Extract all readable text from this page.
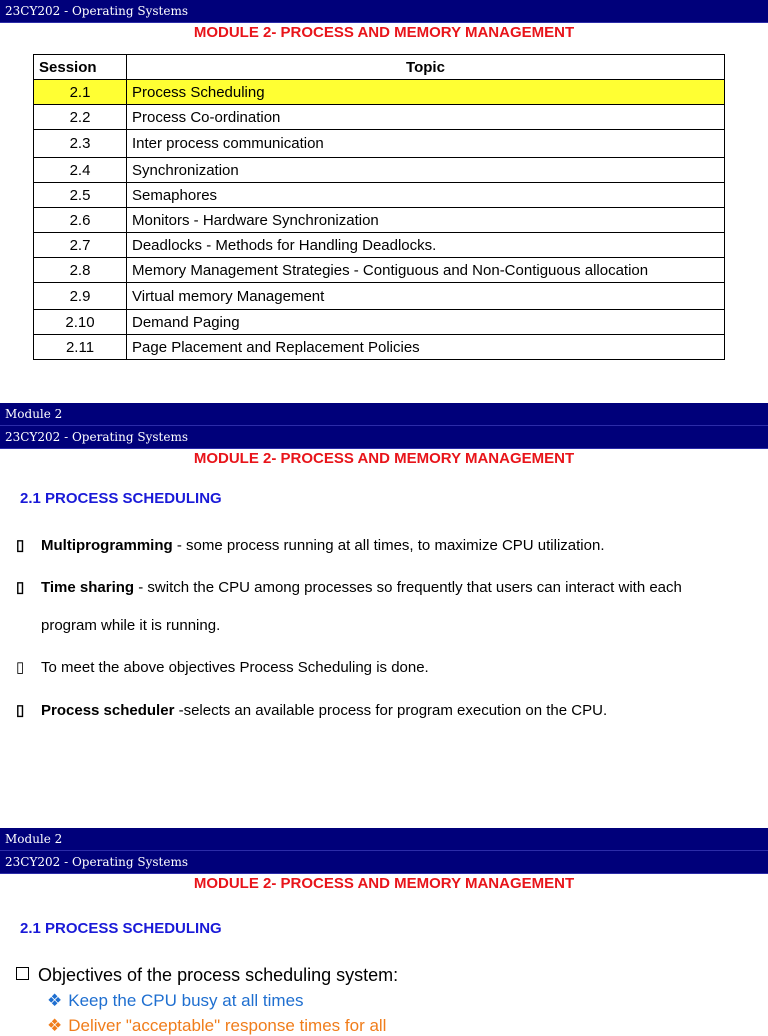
23CY202 - Operating Systems
MODULE 2- PROCESS AND MEMORY MANAGEMENT
Session	Topic
2.1	Process Scheduling
2.2	Process Co-ordination
2.3	Inter process communication
2.4	Synchronization
2.5	Semaphores
2.6	Monitors - Hardware Synchronization
2.7	Deadlocks - Methods for Handling Deadlocks.
2.8	Memory Management Strategies - Contiguous and Non-Contiguous allocation
2.9	Virtual memory Management
2.10	Demand Paging
2.11	Page Placement and Replacement Policies
Module 2
23CY202 - Operating Systems
MODULE 2- PROCESS AND MEMORY MANAGEMENT
2.1 PROCESS SCHEDULING
▯ Multiprogramming - some process running at all times, to maximize CPU utilization.
▯ Time sharing - switch the CPU among processes so frequently that users can interact with each
program while it is running.
▯ To meet the above objectives Process Scheduling is done.
▯ Process scheduler -selects an available process for program execution on the CPU.
Module 2
23CY202 - Operating Systems
MODULE 2- PROCESS AND MEMORY MANAGEMENT
2.1 PROCESS SCHEDULING
Objectives of the process scheduling system:
❖ Keep the CPU busy at all times
❖ Deliver "acceptable" response times for all
